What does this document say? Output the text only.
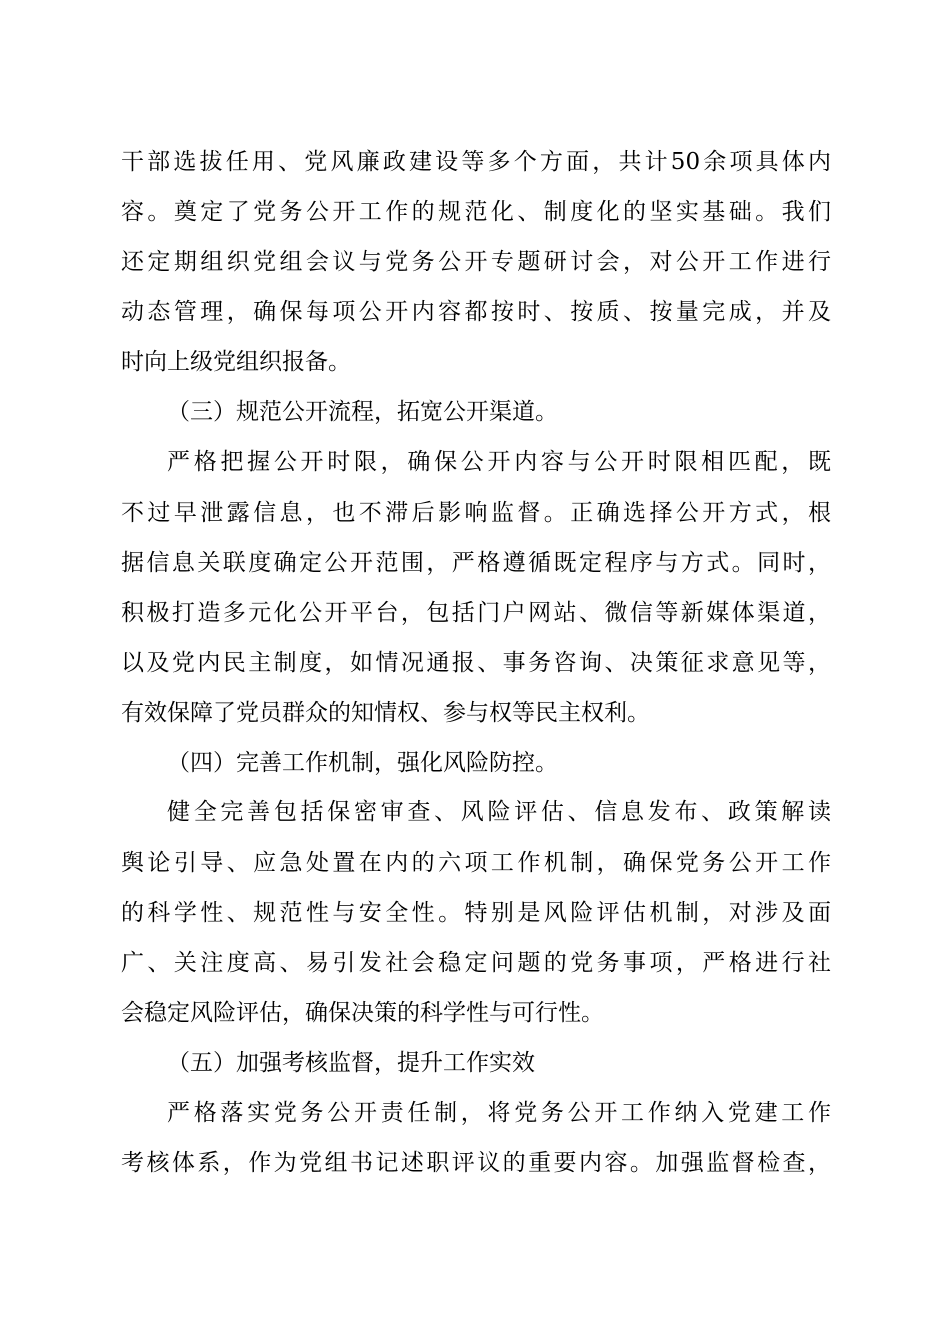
干部选拔任用、党风廉政建设等多个方面，共计50余项具体内
容。奠定了党务公开工作的规范化、制度化的坚实基础。我们
还定期组织党组会议与党务公开专题研讨会，对公开工作进行
动态管理，确保每项公开内容都按时、按质、按量完成，并及
时向上级党组织报备。
（三）规范公开流程，拓宽公开渠道。
严格把握公开时限，确保公开内容与公开时限相匹配，既
不过早泄露信息，也不滞后影响监督。正确选择公开方式，根
据信息关联度确定公开范围，严格遵循既定程序与方式。同时，
积极打造多元化公开平台，包括门户网站、微信等新媒体渠道，
以及党内民主制度，如情况通报、事务咨询、决策征求意见等，
有效保障了党员群众的知情权、参与权等民主权利。
（四）完善工作机制，强化风险防控。
健全完善包括保密审查、风险评估、信息发布、政策解读
舆论引导、应急处置在内的六项工作机制，确保党务公开工作
的科学性、规范性与安全性。特别是风险评估机制，对涉及面
广、关注度高、易引发社会稳定问题的党务事项，严格进行社
会稳定风险评估，确保决策的科学性与可行性。
（五）加强考核监督，提升工作实效
严格落实党务公开责任制，将党务公开工作纳入党建工作
考核体系，作为党组书记述职评议的重要内容。加强监督检查，
